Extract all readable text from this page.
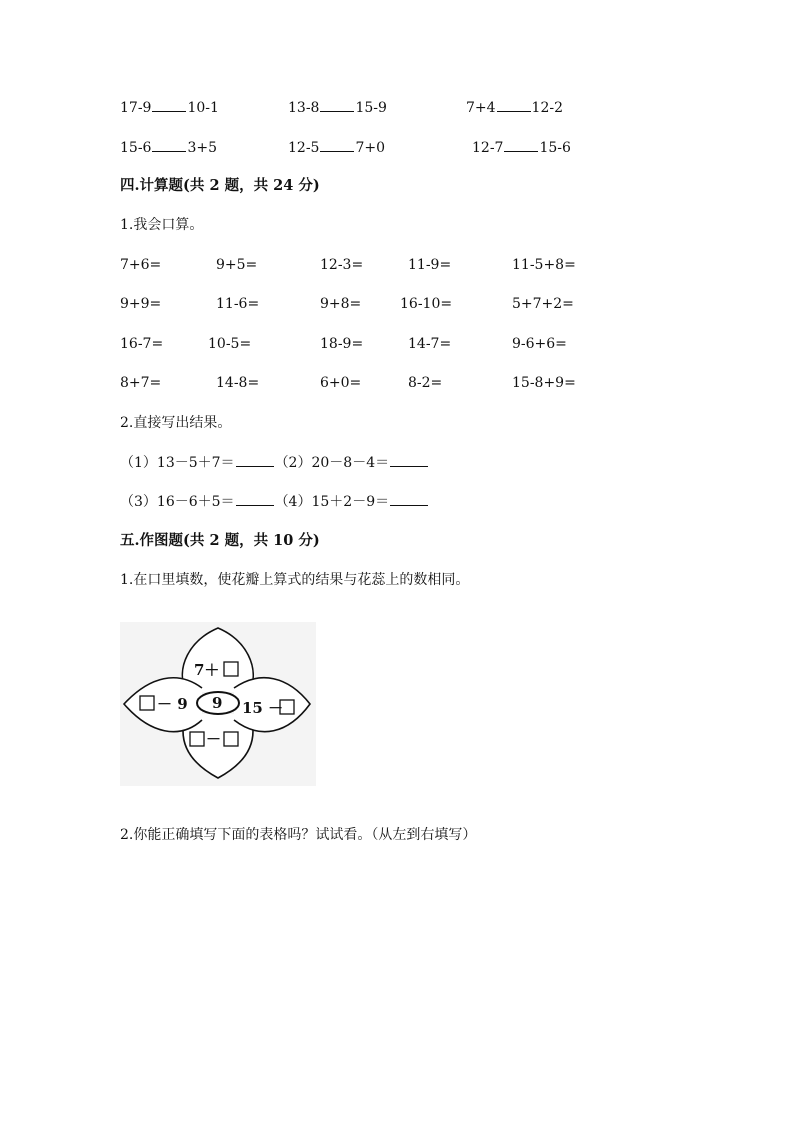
17-9	10-1	13-8	15-9	7+4	12-2
15-6	3+5	12-5	7+0	12-7	15-6
四.计算题(共 2 题，共 24 分)
1.我会口算。
7+6=	9+5=	12-3=	11-9=	11-5+8=
9+9=	11-6=	9+8=	16-10=	5+7+2=
16-7=	10-5=	18-9=	14-7=	9-6+6=
8+7=	14-8=	6+0=	8-2=	15-8+9=
2.直接写出结果。
（1）13－5＋7＝	（2）20－8－4＝
（3）16－6＋5＝	（4）15＋2－9＝
五.作图题(共 2 题，共 10 分)
1.在口里填数，使花瓣上算式的结果与花蕊上的数相同。
7＋
－ 9 9 15 －
－
2.你能正确填写下面的表格吗？试试看。（从左到右填写）
